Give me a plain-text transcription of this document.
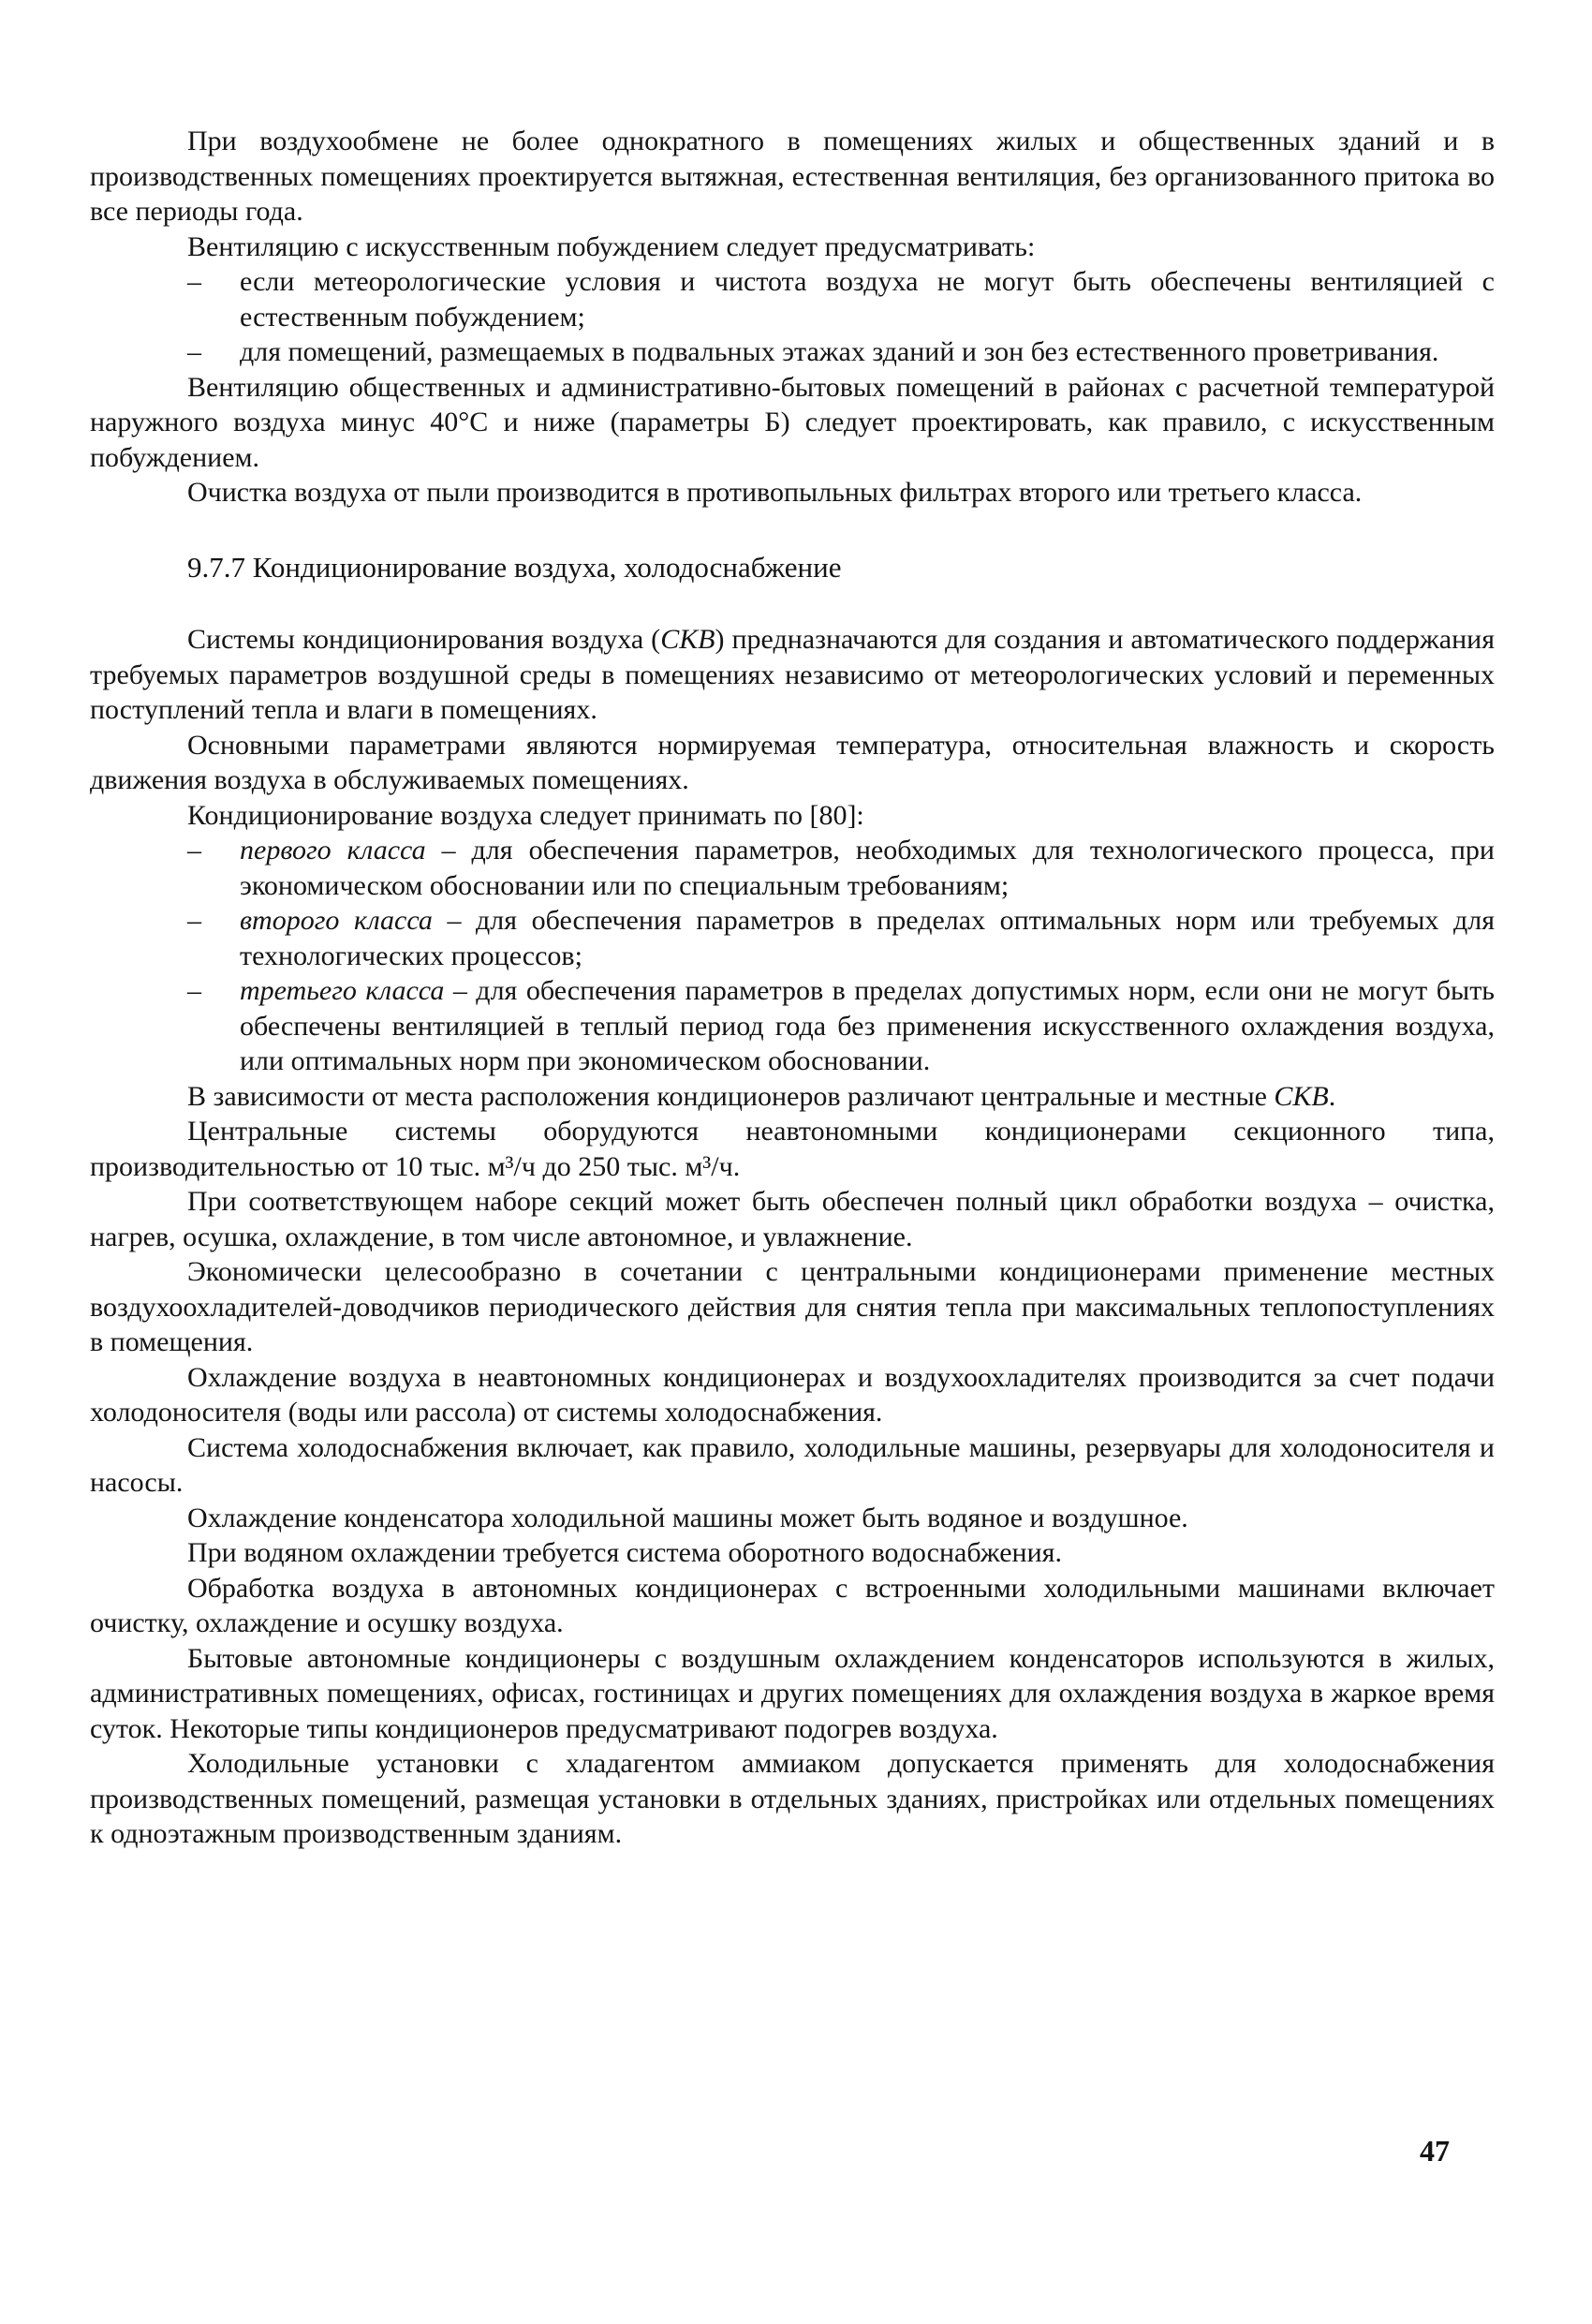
При воздухообмене не более однократного в помещениях жилых и общественных зданий и в производственных помещениях проектируется вытяжная, естественная вентиляция, без организованного притока во все периоды года.

Вентиляцию с искусственным побуждением следует предусматривать:

– если метеорологические условия и чистота воздуха не могут быть обеспечены вентиляцией с естественным побуждением;
– для помещений, размещаемых в подвальных этажах зданий и зон без естественного проветривания.

Вентиляцию общественных и административно-бытовых помещений в районах с расчетной температурой наружного воздуха минус 40°С и ниже (параметры Б) следует проектировать, как правило, с искусственным побуждением.

Очистка воздуха от пыли производится в противопыльных фильтрах второго или третьего класса.

9.7.7 Кондиционирование воздуха, холодоснабжение

Системы кондиционирования воздуха (СКВ) предназначаются для создания и автоматического поддержания требуемых параметров воздушной среды в помещениях независимо от метеорологических условий и переменных поступлений тепла и влаги в помещениях.

Основными параметрами являются нормируемая температура, относительная влажность и скорость движения воздуха в обслуживаемых помещениях.

Кондиционирование воздуха следует принимать по [80]:

– первого класса – для обеспечения параметров, необходимых для технологического процесса, при экономическом обосновании или по специальным требованиям;
– второго класса – для обеспечения параметров в пределах оптимальных норм или требуемых для технологических процессов;
– третьего класса – для обеспечения параметров в пределах допустимых норм, если они не могут быть обеспечены вентиляцией в теплый период года без применения искусственного охлаждения воздуха, или оптимальных норм при экономическом обосновании.

В зависимости от места расположения кондиционеров различают центральные и местные СКВ.

Центральные системы оборудуются неавтономными кондиционерами секционного типа, производительностью от 10 тыс. м³/ч до 250 тыс. м³/ч.

При соответствующем наборе секций может быть обеспечен полный цикл обработки воздуха – очистка, нагрев, осушка, охлаждение, в том числе автономное, и увлажнение.

Экономически целесообразно в сочетании с центральными кондиционерами применение местных воздухоохладителей-доводчиков периодического действия для снятия тепла при максимальных теплопоступлениях в помещения.

Охлаждение воздуха в неавтономных кондиционерах и воздухоохладителях производится за счет подачи холодоносителя (воды или рассола) от системы холодоснабжения.

Система холодоснабжения включает, как правило, холодильные машины, резервуары для холодоносителя и насосы.

Охлаждение конденсатора холодильной машины может быть водяное и воздушное.

При водяном охлаждении требуется система оборотного водоснабжения.

Обработка воздуха в автономных кондиционерах с встроенными холодильными машинами включает очистку, охлаждение и осушку воздуха.

Бытовые автономные кондиционеры с воздушным охлаждением конденсаторов используются в жилых, административных помещениях, офисах, гостиницах и других помещениях для охлаждения воздуха в жаркое время суток. Некоторые типы кондиционеров предусматривают подогрев воздуха.

Холодильные установки с хладагентом аммиаком допускается применять для холодоснабжения производственных помещений, размещая установки в отдельных зданиях, пристройках или отдельных помещениях к одноэтажным производственным зданиям.

47
